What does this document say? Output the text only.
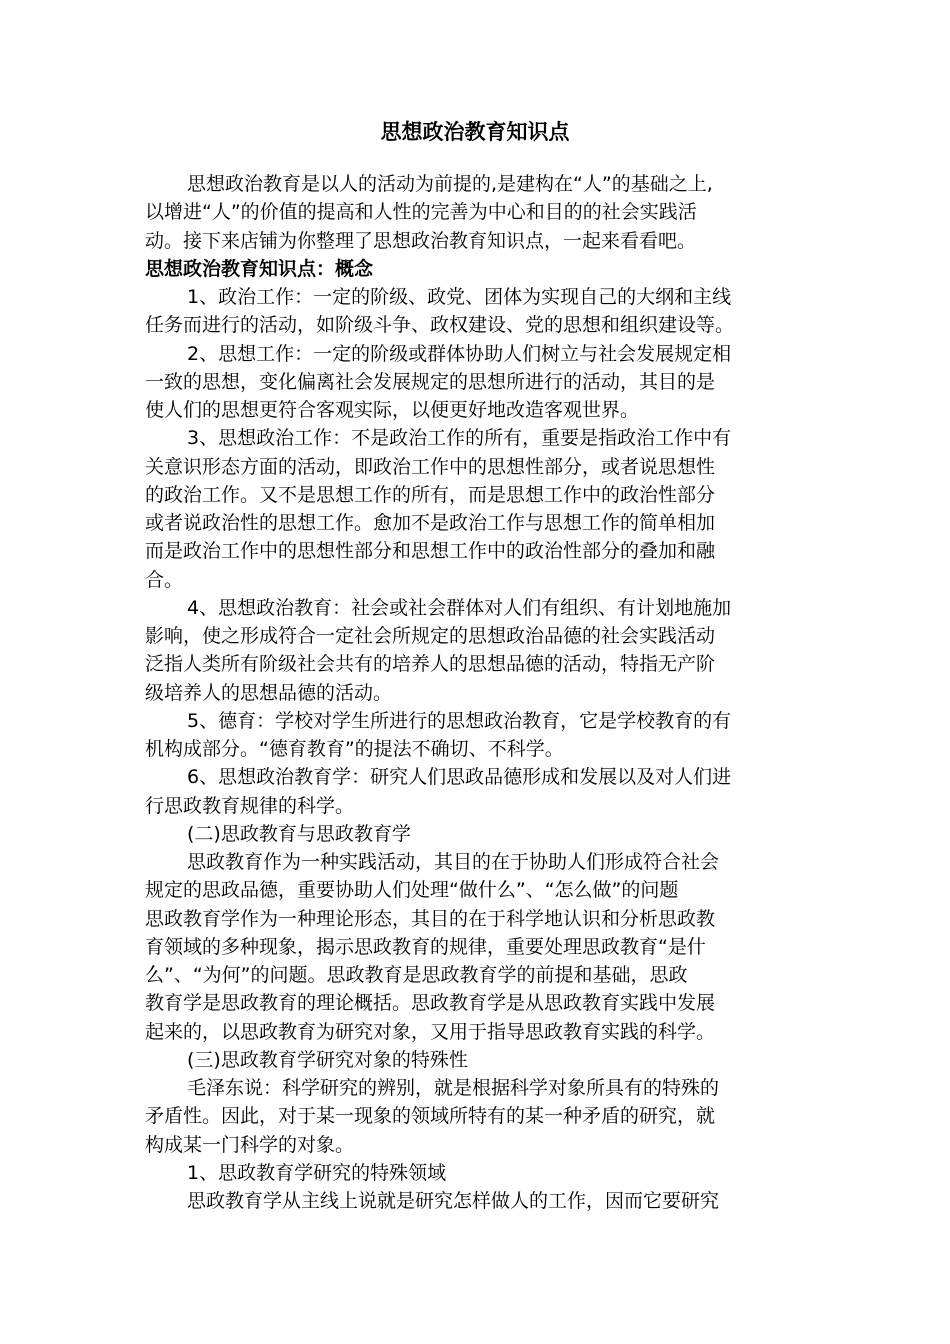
思想政治教育知识点
思想政治教育是以人的活动为前提的,是建构在“人”的基础之上,
以增进“人”的价值的提高和人性的完善为中心和目的的社会实践活
动。接下来店铺为你整理了思想政治教育知识点，一起来看看吧。
思想政治教育知识点：概念
1、政治工作：一定的阶级、政党、团体为实现自己的大纲和主线
任务而进行的活动，如阶级斗争、政权建设、党的思想和组织建设等。
2、思想工作：一定的阶级或群体协助人们树立与社会发展规定相
一致的思想，变化偏离社会发展规定的思想所进行的活动，其目的是
使人们的思想更符合客观实际，以便更好地改造客观世界。
3、思想政治工作：不是政治工作的所有，重要是指政治工作中有
关意识形态方面的活动，即政治工作中的思想性部分，或者说思想性
的政治工作。又不是思想工作的所有，而是思想工作中的政治性部分
或者说政治性的思想工作。愈加不是政治工作与思想工作的简单相加
而是政治工作中的思想性部分和思想工作中的政治性部分的叠加和融
合。
4、思想政治教育：社会或社会群体对人们有组织、有计划地施加
影响，使之形成符合一定社会所规定的思想政治品德的社会实践活动
泛指人类所有阶级社会共有的培养人的思想品德的活动，特指无产阶
级培养人的思想品德的活动。
5、德育：学校对学生所进行的思想政治教育，它是学校教育的有
机构成部分。“德育教育”的提法不确切、不科学。
6、思想政治教育学：研究人们思政品德形成和发展以及对人们进
行思政教育规律的科学。
(二)思政教育与思政教育学
思政教育作为一种实践活动，其目的在于协助人们形成符合社会
规定的思政品德，重要协助人们处理“做什么”、“怎么做”的问题
思政教育学作为一种理论形态，其目的在于科学地认识和分析思政教
育领域的多种现象，揭示思政教育的规律，重要处理思政教育“是什
么”、“为何”的问题。思政教育是思政教育学的前提和基础，思政
教育学是思政教育的理论概括。思政教育学是从思政教育实践中发展
起来的，以思政教育为研究对象，又用于指导思政教育实践的科学。
(三)思政教育学研究对象的特殊性
毛泽东说：科学研究的辨别，就是根据科学对象所具有的特殊的
矛盾性。因此，对于某一现象的领域所特有的某一种矛盾的研究，就
构成某一门科学的对象。
1、思政教育学研究的特殊领域
思政教育学从主线上说就是研究怎样做人的工作，因而它要研究
